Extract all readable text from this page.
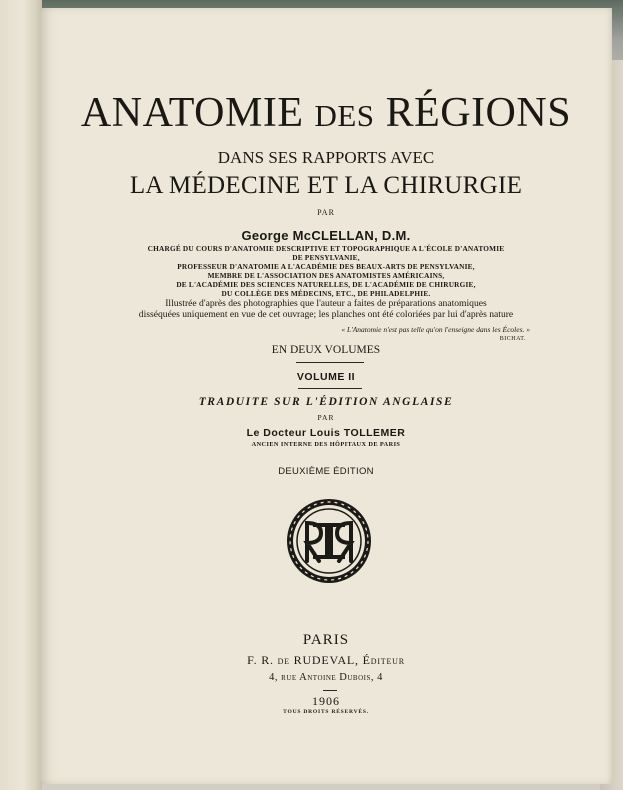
ANATOMIE DES RÉGIONS
DANS SES RAPPORTS AVEC
LA MÉDECINE ET LA CHIRURGIE
PAR
George McCLELLAN, D.M.
CHARGÉ DU COURS D'ANATOMIE DESCRIPTIVE ET TOPOGRAPHIQUE A L'ÉCOLE D'ANATOMIE
DE PENSYLVANIE,
PROFESSEUR D'ANATOMIE A L'ACADÉMIE DES BEAUX-ARTS DE PENSYLVANIE,
MEMBRE DE L'ASSOCIATION DES ANATOMISTES AMÉRICAINS,
DE L'ACADÉMIE DES SCIENCES NATURELLES, DE L'ACADÉMIE DE CHIRURGIE,
DU COLLÈGE DES MÉDECINS, ETC., DE PHILADELPHIE.
Illustrée d'après des photographies que l'auteur a faites de préparations anatomiques
disséquées uniquement en vue de cet ouvrage; les planches ont été coloriées par lui d'après nature
« L'Anatomie n'est pas telle qu'on l'enseigne dans les Écoles. »
BICHAT.
EN DEUX VOLUMES
VOLUME II
TRADUITE SUR L'ÉDITION ANGLAISE
PAR
Le Docteur Louis TOLLEMER
ANCIEN INTERNE DES HÔPITAUX DE PARIS
DEUXIÈME ÉDITION
PARIS
F. R. de RUDEVAL, Éditeur
4, rue Antoine Dubois, 4
1906
TOUS DROITS RÉSERVÉS.
